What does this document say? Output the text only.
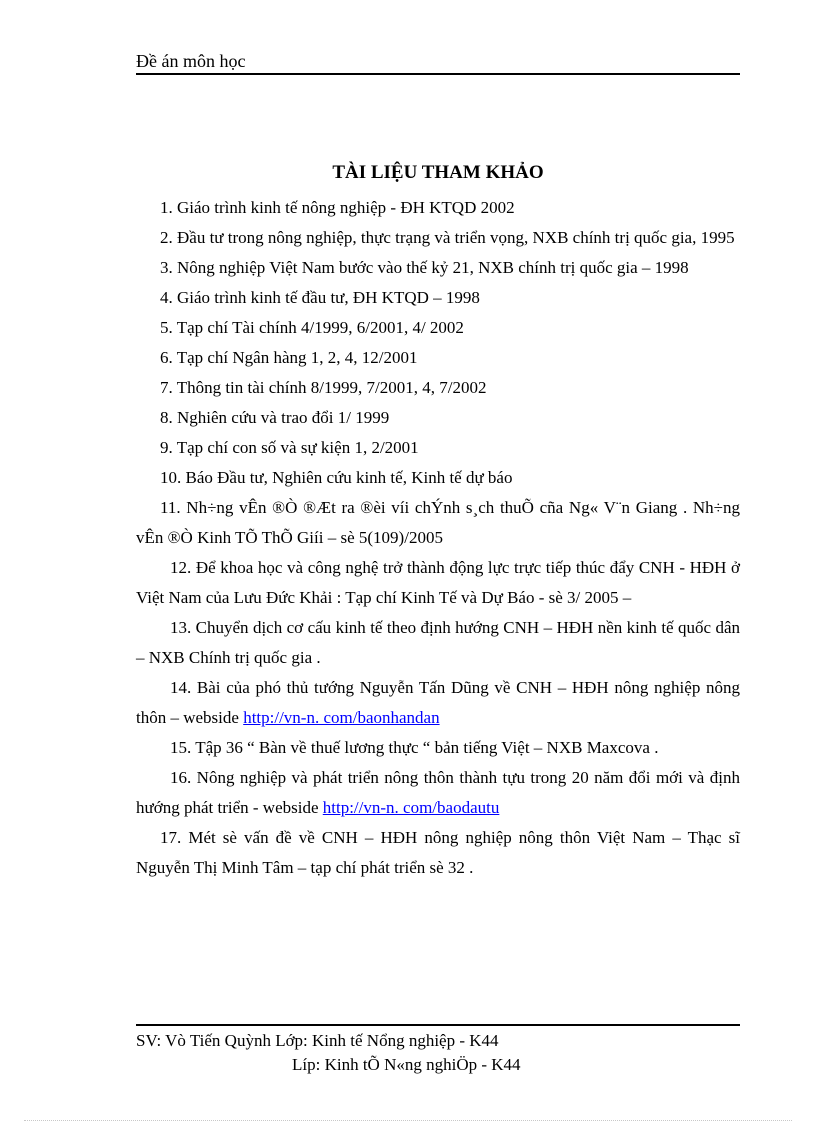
Đề án môn học
TÀI LIỆU THAM KHẢO

1. Giáo trình kinh tế nông nghiệp - ĐH KTQD 2002

2. Đầu tư trong nông nghiệp, thực trạng và triển vọng, NXB chính trị quốc gia, 1995

3. Nông nghiệp Việt Nam bước vào thế kỷ 21, NXB chính trị quốc gia – 1998

4. Giáo trình kinh tế đầu tư, ĐH KTQD – 1998

5. Tạp chí Tài chính 4/1999, 6/2001, 4/ 2002

6. Tạp chí Ngân hàng 1, 2, 4, 12/2001

7. Thông tin tài chính 8/1999, 7/2001, 4, 7/2002

8. Nghiên cứu và trao đổi 1/ 1999

9. Tạp chí con số và sự kiện 1, 2/2001

10. Báo Đầu tư, Nghiên cứu kinh tế, Kinh tế dự báo

11. Nh÷ng vÊn ®Ò ®Æt ra ®èi víi chÝnh s¸ch thuÕ cña Ng« V¨n Giang . Nh÷ng vÊn ®Ò Kinh TÕ ThÕ Giíi – sè 5(109)/2005

12. Để khoa học và công nghệ trở thành động lực trực tiếp thúc đẩy CNH - HĐH ở Việt Nam của Lưu Đức Khải : Tạp chí Kinh Tế và Dự Báo - sè 3/ 2005 –

13. Chuyển dịch cơ cấu kinh tế theo định hướng CNH – HĐH nền kinh tế quốc dân – NXB Chính trị quốc gia .

14. Bài của phó thủ tướng Nguyễn Tấn Dũng về CNH – HĐH nông nghiệp nông thôn – webside http://vn-n. com/baonhandan

15. Tập 36 “ Bàn về thuế lương thực “ bản tiếng Việt – NXB Maxcova .

16. Nông nghiệp và phát triển nông thôn thành tựu trong 20 năm đổi mới và định hướng phát triển - webside http://vn-n. com/baodautu

17. Mét sè vấn đề về CNH – HĐH nông nghiệp nông thôn Việt Nam – Thạc sĩ Nguyễn Thị Minh Tâm – tạp chí phát triển sè 32 .

SV: Vò Tiến Quỳnh Lớp: Kinh tế Nổng nghiệp - K44
Líp: Kinh tÕ N«ng nghiÖp - K44
